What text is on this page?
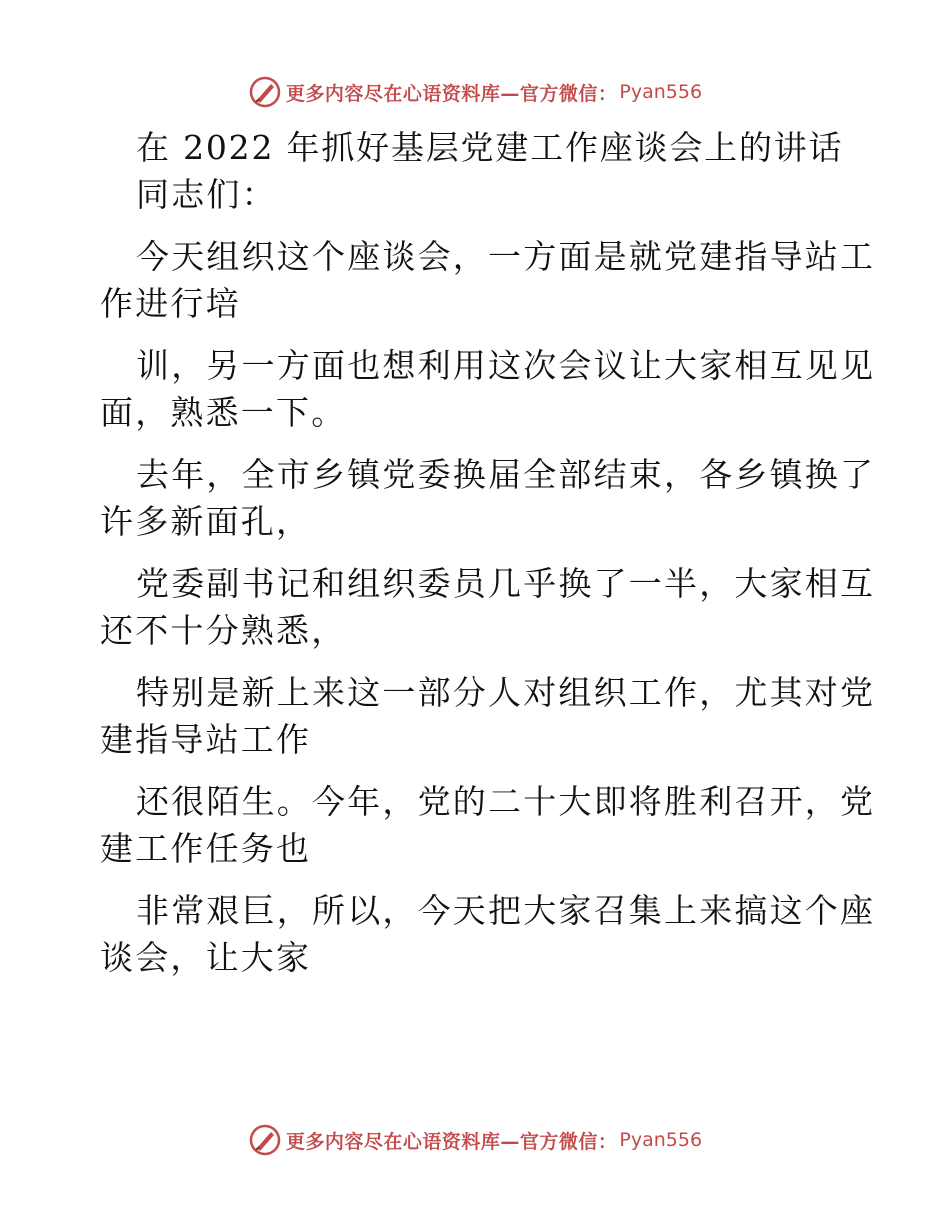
更多内容尽在心语资料库—官方微信： Pyan556
在 2022 年抓好基层党建工作座谈会上的讲话
同志们：
今天组织这个座谈会，一方面是就党建指导站工
作进行培
训，另一方面也想利用这次会议让大家相互见见
面，熟悉一下。
去年，全市乡镇党委换届全部结束，各乡镇换了
许多新面孔，
党委副书记和组织委员几乎换了一半，大家相互
还不十分熟悉，
特别是新上来这一部分人对组织工作，尤其对党
建指导站工作
还很陌生。今年，党的二十大即将胜利召开，党
建工作任务也
非常艰巨，所以，今天把大家召集上来搞这个座
谈会，让大家
更多内容尽在心语资料库—官方微信： Pyan556
